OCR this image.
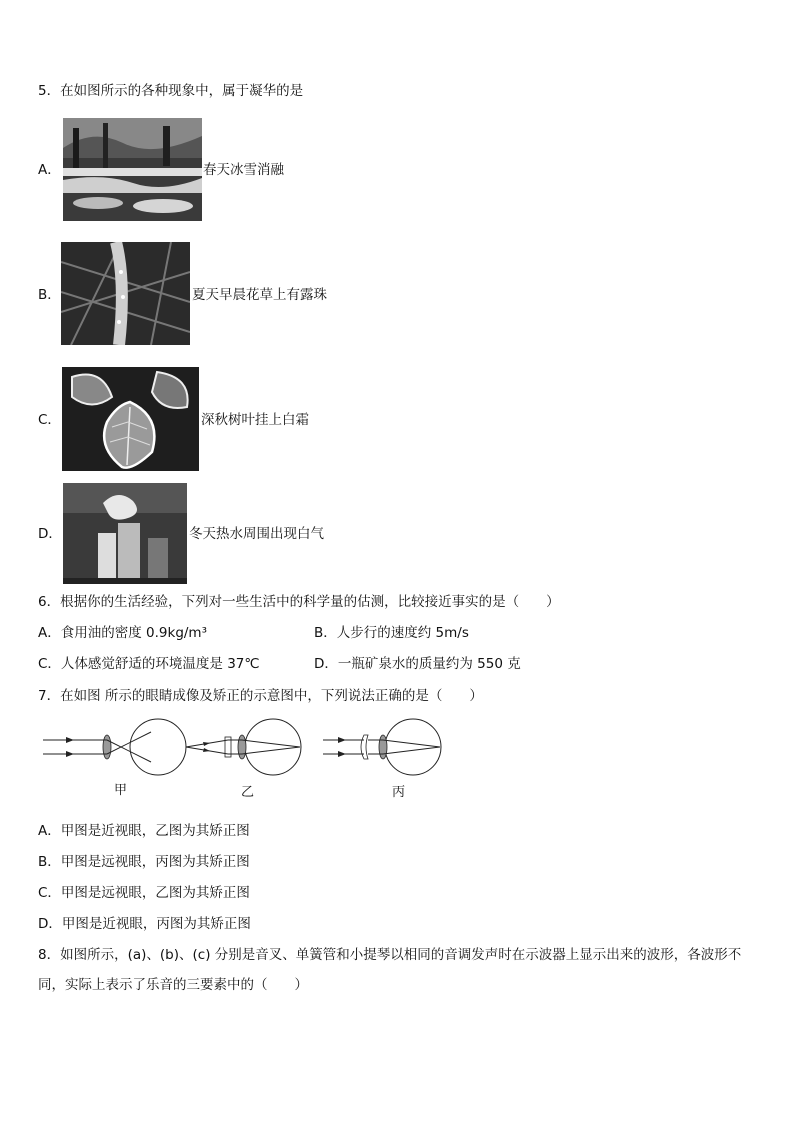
5．在如图所示的各种现象中，属于凝华的是
A．	春天冰雪消融
B．	夏天早晨花草上有露珠
C．	深秋树叶挂上白霜
D．	冬天热水周围出现白气
6．根据你的生活经验，下列对一些生活中的科学量的估测，比较接近事实的是（　　）
A．食用油的密度 0.9kg/m³	B．人步行的速度约 5m/s
C．人体感觉舒适的环境温度是 37℃	D．一瓶矿泉水的质量约为 550 克
7．在如图 所示的眼睛成像及矫正的示意图中，下列说法正确的是（　　）
甲	乙	丙
A．甲图是近视眼，乙图为其矫正图
B．甲图是远视眼，丙图为其矫正图
C．甲图是远视眼，乙图为其矫正图
D．甲图是近视眼，丙图为其矫正图
8．如图所示，(a)、(b)、(c) 分别是音叉、单簧管和小提琴以相同的音调发声时在示波器上显示出来的波形，各波形不同，实际上表示了乐音的三要素中的（　　）
